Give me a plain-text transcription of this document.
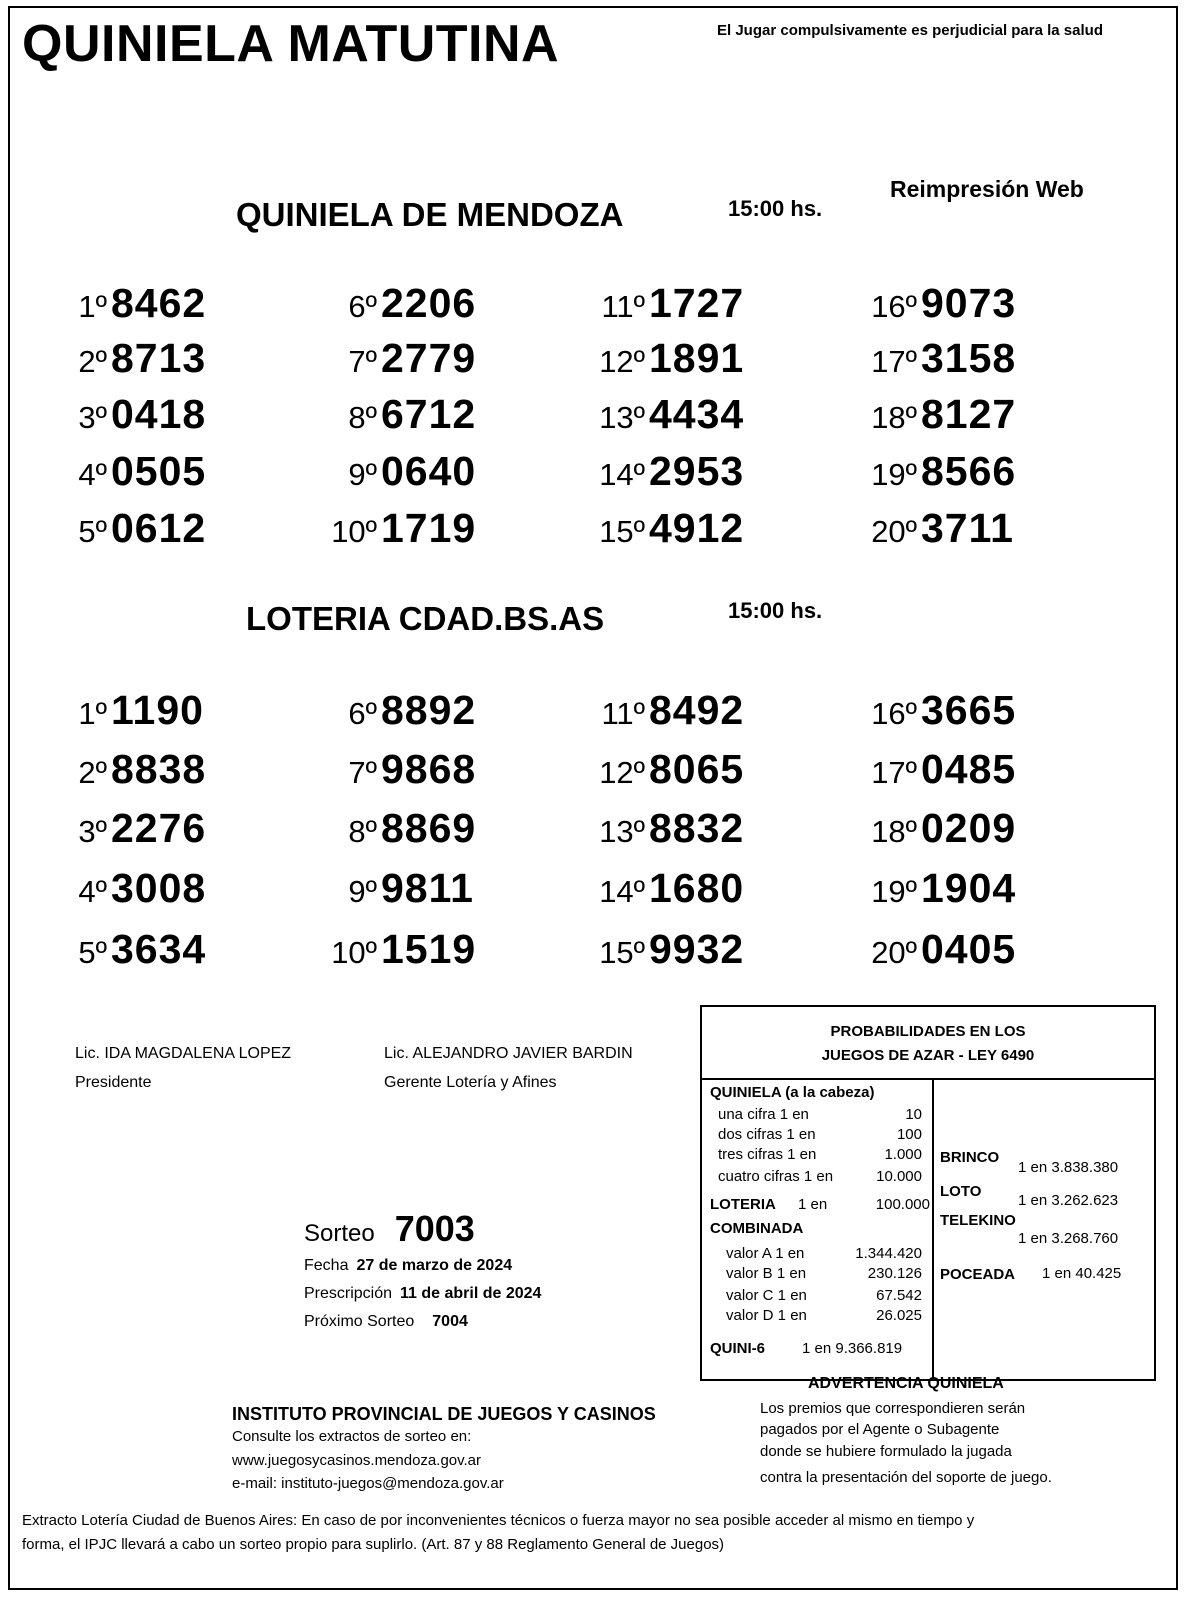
QUINIELA MATUTINA	El Jugar compulsivamente es perjudicial para la salud
Reimpresión Web
QUINIELA DE MENDOZA	15:00 hs.
1º8462
2º8713
3º0418
4º0505
5º0612
6º2206
7º2779
8º6712
9º0640
10º1719
11º1727
12º1891
13º4434
14º2953
15º4912
16º9073
17º3158
18º8127
19º8566
20º3711
LOTERIA CDAD.BS.AS	15:00 hs.
1º1190
2º8838
3º2276
4º3008
5º3634
6º8892
7º9868
8º8869
9º9811
10º1519
11º8492
12º8065
13º8832
14º1680
15º9932
16º3665
17º0485
18º0209
19º1904
20º0405
Lic. IDA MAGDALENA LOPEZ
Presidente
Lic. ALEJANDRO JAVIER BARDIN
Gerente Lotería y Afines
Sorteo 7003
Fecha 27 de marzo de 2024
Prescripción 11 de abril de 2024
Próximo Sorteo 7004
PROBABILIDADES EN LOS
JUEGOS DE AZAR - LEY 6490
QUINIELA (a la cabeza)
una cifra 1 en	10
dos cifras 1 en	100
tres cifras 1 en	1.000
cuatro cifras 1 en	10.000
LOTERIA 1 en	100.000
COMBINADA
valor A 1 en	1.344.420
valor B 1 en	230.126
valor C 1 en	67.542
valor D 1 en	26.025
QUINI-6 1 en 9.366.819
BRINCO
1 en 3.838.380
LOTO
1 en 3.262.623
TELEKINO
1 en 3.268.760
POCEADA 1 en 40.425
ADVERTENCIA QUINIELA
Los premios que correspondieren serán
pagados por el Agente o Subagente
donde se hubiere formulado la jugada
contra la presentación del soporte de juego.
INSTITUTO PROVINCIAL DE JUEGOS Y CASINOS
Consulte los extractos de sorteo en:
www.juegosycasinos.mendoza.gov.ar
e-mail: instituto-juegos@mendoza.gov.ar
Extracto Lotería Ciudad de Buenos Aires: En caso de por inconvenientes técnicos o fuerza mayor no sea posible acceder al mismo en tiempo y
forma, el IPJC llevará a cabo un sorteo propio para suplirlo. (Art. 87 y 88 Reglamento General de Juegos)
